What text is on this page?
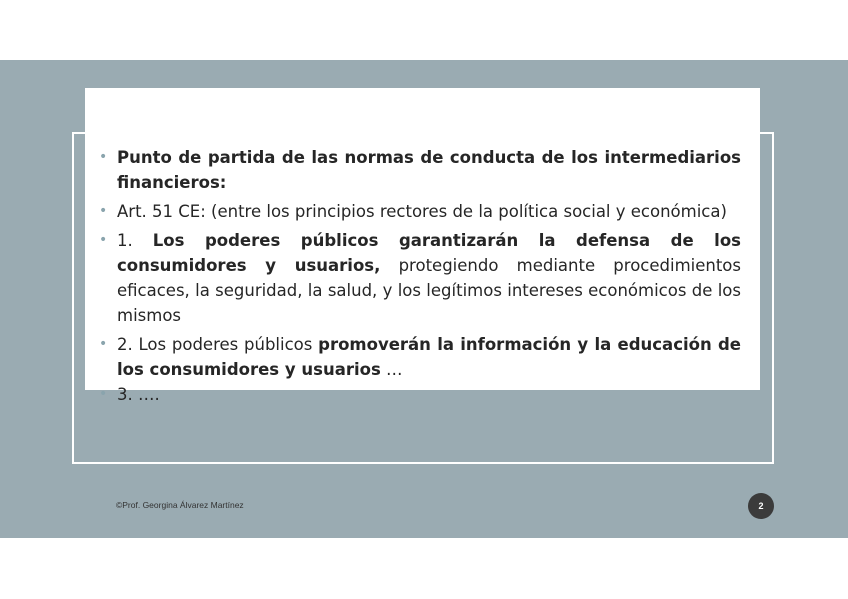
• Punto de partida de las normas de conducta de los intermediarios financieros:
• Art. 51 CE: (entre los principios rectores de la política social y económica)
• 1. Los poderes públicos garantizarán la defensa de los consumidores y usuarios, protegiendo mediante procedimientos eficaces, la seguridad, la salud, y los legítimos intereses económicos de los mismos
• 2. Los poderes públicos promoverán la información y la educación de los consumidores y usuarios …
• 3. ….
©Prof. Georgina Álvarez Martínez	2
